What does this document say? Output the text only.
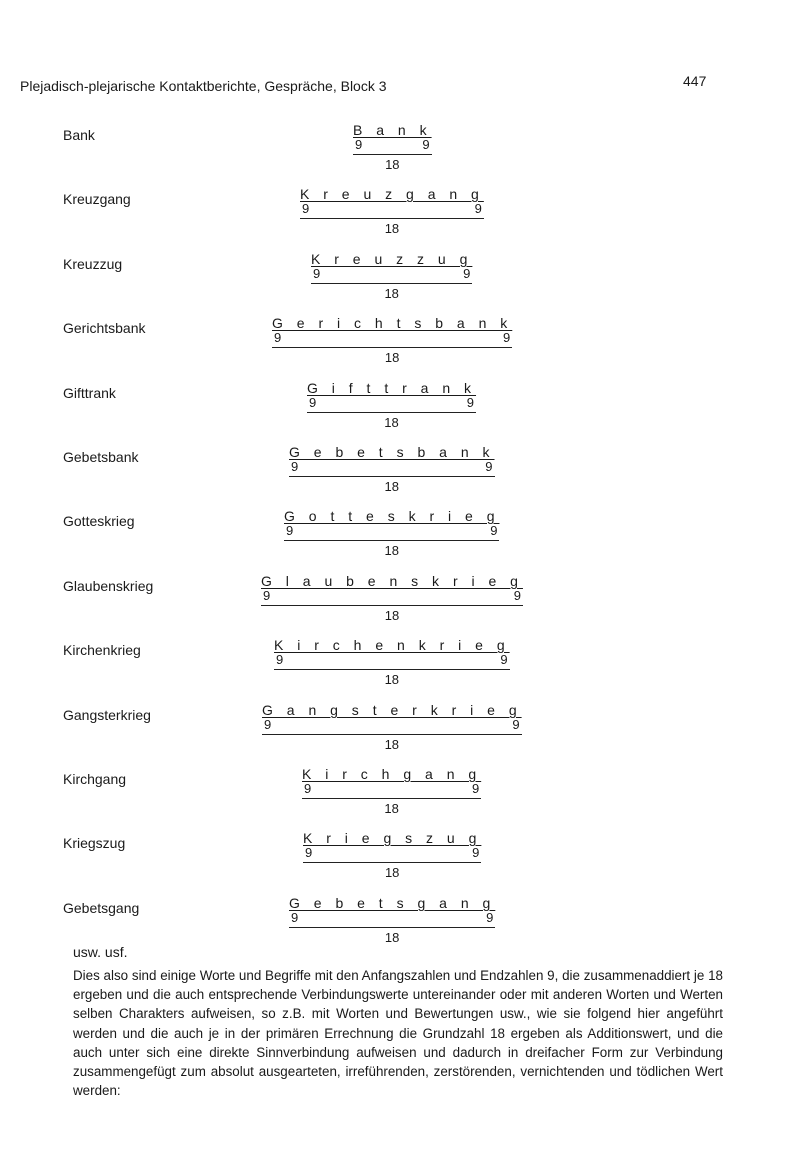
Plejadisch-plejarische Kontaktberichte, Gespräche, Block 3	447
Bank	B a n k
9	9
18
Kreuzgang	K r e u z g a n g
9	9
18
Kreuzzug	K r e u z z u g
9	9
18
Gerichtsbank	G e r i c h t s b a n k
9	9
18
Gifttrank	G i f t t r a n k
9	9
18
Gebetsbank	G e b e t s b a n k
9	9
18
Gotteskrieg	G o t t e s k r i e g
9	9
18
Glaubenskrieg	G l a u b e n s k r i e g
9	9
18
Kirchenkrieg	K i r c h e n k r i e g
9	9
18
Gangsterkrieg	G a n g s t e r k r i e g
9	9
18
Kirchgang	K i r c h g a n g
9	9
18
Kriegszug	K r i e g s z u g
9	9
18
Gebetsgang	G e b e t s g a n g
9	9
18
usw. usf.
Dies also sind einige Worte und Begriffe mit den Anfangszahlen und Endzahlen 9, die zusammenaddiert je 18 ergeben und die auch entsprechende Verbindungswerte untereinander oder mit anderen Worten und Werten selben Charakters aufweisen, so z.B. mit Worten und Bewertungen usw., wie sie folgend hier angeführt werden und die auch je in der primären Errechnung die Grundzahl 18 ergeben als Additionswert, und die auch unter sich eine direkte Sinnverbindung aufweisen und dadurch in dreifacher Form zur Verbindung zusammengefügt zum absolut ausgearteten, irreführenden, zerstörenden, vernichtenden und tödlichen Wert werden:
